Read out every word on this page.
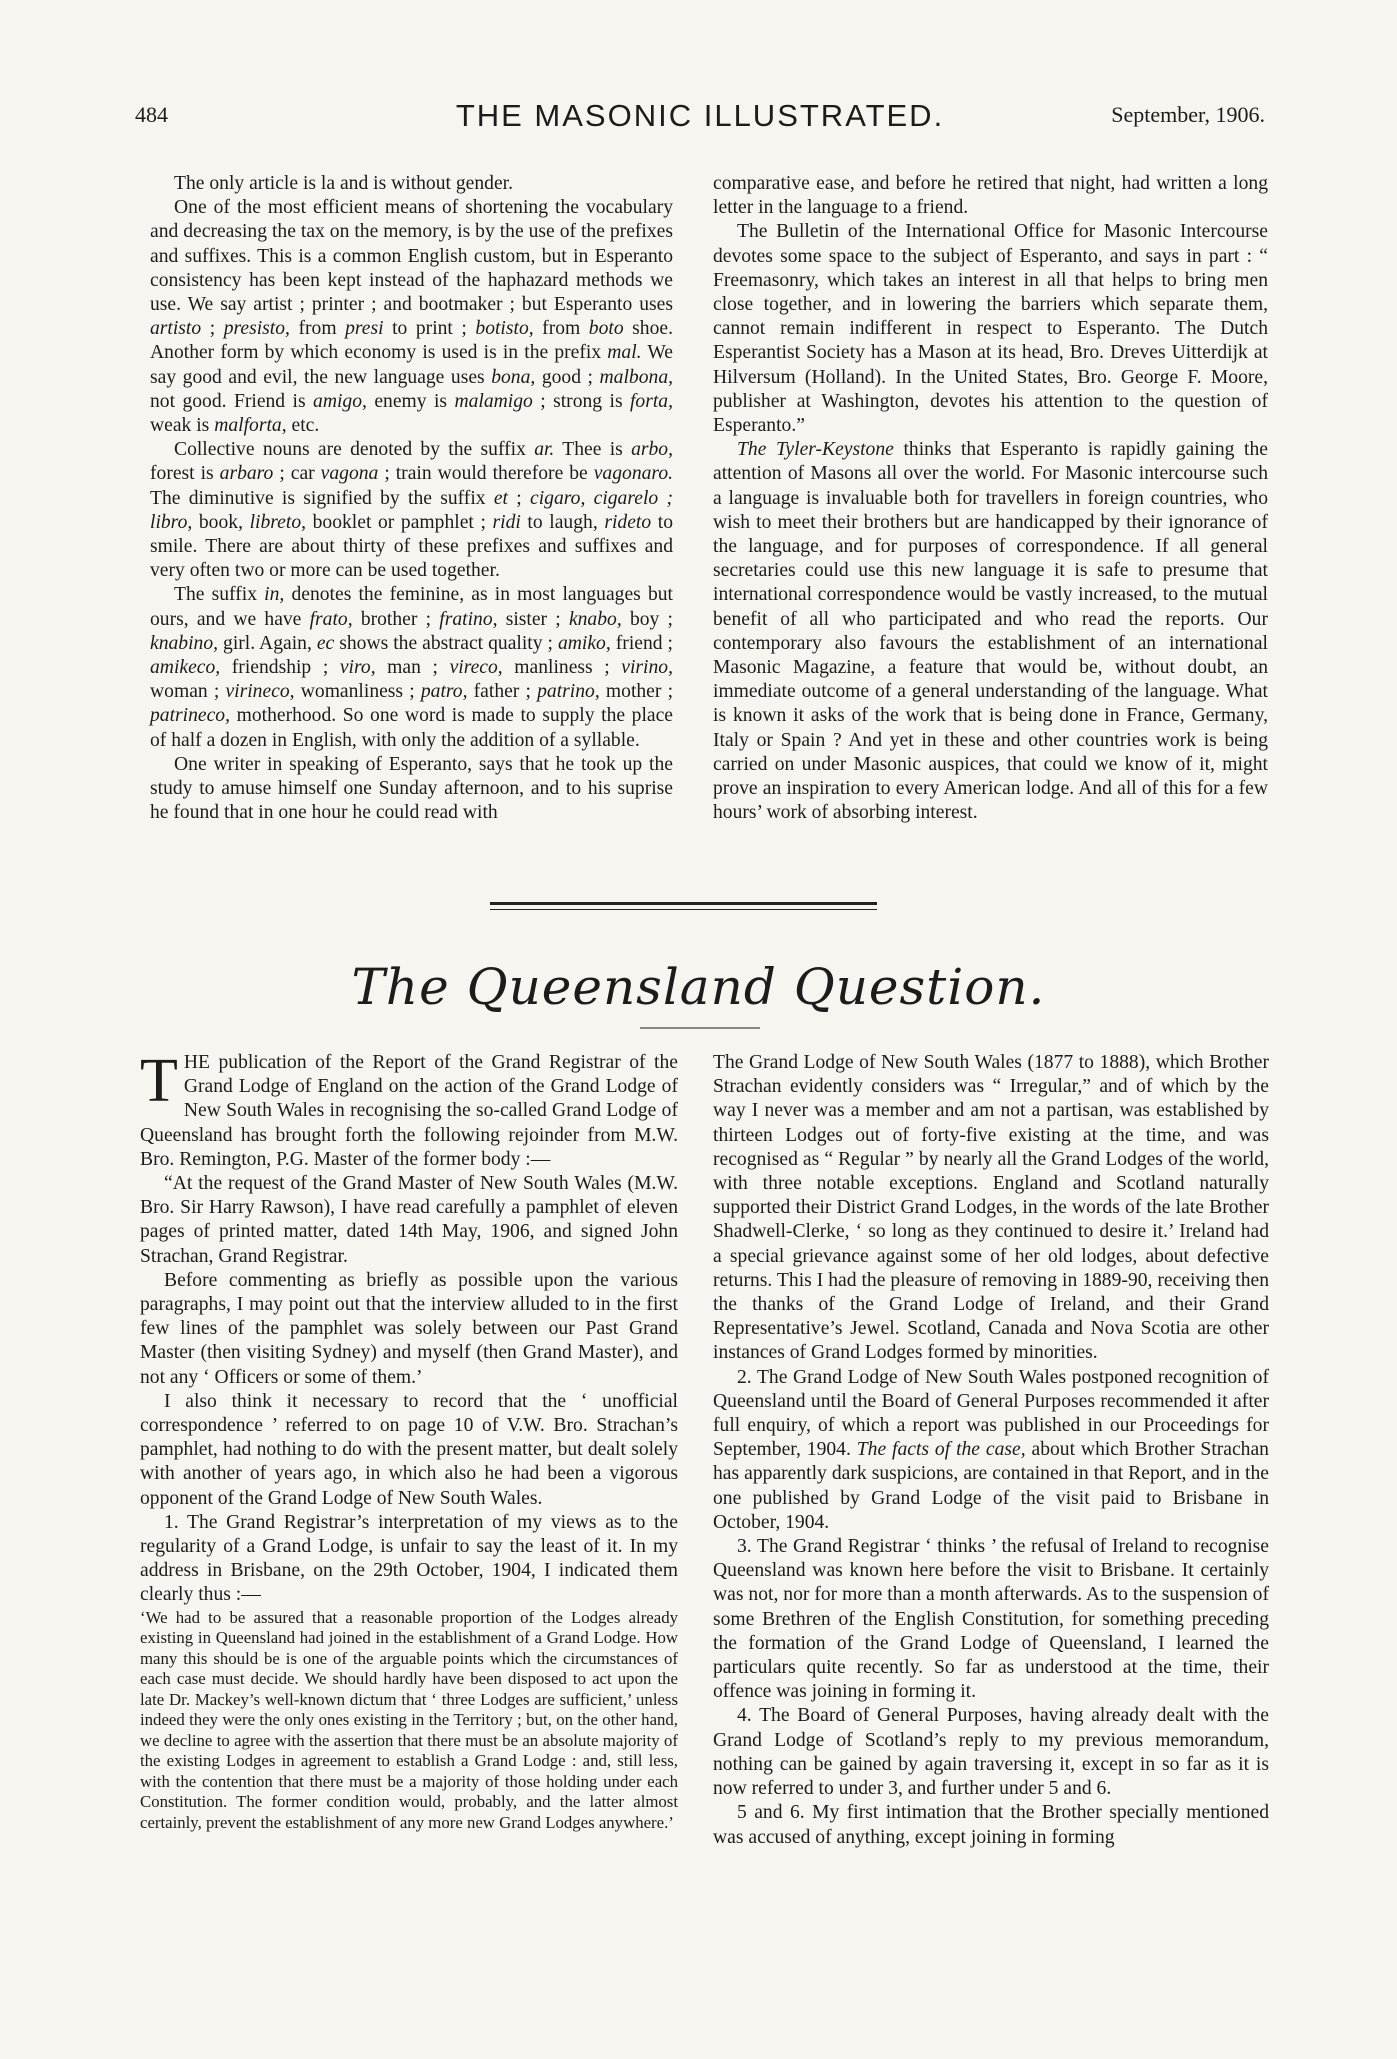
484	THE MASONIC ILLUSTRATED.	September, 1906.

The only article is la and is without gender.

One of the most efficient means of shortening the vocabulary and decreasing the tax on the memory, is by the use of the prefixes and suffixes. This is a common English custom, but in Esperanto consistency has been kept instead of the haphazard methods we use. We say artist ; printer ; and bootmaker ; but Esperanto uses artisto ; presisto, from presi to print ; botisto, from boto shoe. Another form by which economy is used is in the prefix mal. We say good and evil, the new language uses bona, good ; malbona, not good. Friend is amigo, enemy is malamigo ; strong is forta, weak is malforta, etc.

Collective nouns are denoted by the suffix ar. Thee is arbo, forest is arbaro ; car vagona ; train would therefore be vagonaro. The diminutive is signified by the suffix et ; cigaro, cigarelo ; libro, book, libreto, booklet or pamphlet ; ridi to laugh, rideto to smile. There are about thirty of these prefixes and suffixes and very often two or more can be used together.

The suffix in, denotes the feminine, as in most languages but ours, and we have frato, brother ; fratino, sister ; knabo, boy ; knabino, girl. Again, ec shows the abstract quality ; amiko, friend ; amikeco, friendship ; viro, man ; vireco, manliness ; virino, woman ; virineco, womanliness ; patro, father ; patrino, mother ; patrineco, motherhood. So one word is made to supply the place of half a dozen in English, with only the addition of a syllable.

One writer in speaking of Esperanto, says that he took up the study to amuse himself one Sunday afternoon, and to his suprise he found that in one hour he could read with

comparative ease, and before he retired that night, had written a long letter in the language to a friend.

The Bulletin of the International Office for Masonic Intercourse devotes some space to the subject of Esperanto, and says in part : “ Freemasonry, which takes an interest in all that helps to bring men close together, and in lowering the barriers which separate them, cannot remain indifferent in respect to Esperanto. The Dutch Esperantist Society has a Mason at its head, Bro. Dreves Uitterdijk at Hilversum (Holland). In the United States, Bro. George F. Moore, publisher at Washington, devotes his attention to the question of Esperanto.”

The Tyler-Keystone thinks that Esperanto is rapidly gaining the attention of Masons all over the world. For Masonic intercourse such a language is invaluable both for travellers in foreign countries, who wish to meet their brothers but are handicapped by their ignorance of the language, and for purposes of correspondence. If all general secretaries could use this new language it is safe to presume that international correspondence would be vastly increased, to the mutual benefit of all who participated and who read the reports. Our contemporary also favours the establishment of an international Masonic Magazine, a feature that would be, without doubt, an immediate outcome of a general understanding of the language. What is known it asks of the work that is being done in France, Germany, Italy or Spain ? And yet in these and other countries work is being carried on under Masonic auspices, that could we know of it, might prove an inspiration to every American lodge. And all of this for a few hours’ work of absorbing interest.

The Queensland Question.

THE publication of the Report of the Grand Registrar of the Grand Lodge of England on the action of the Grand Lodge of New South Wales in recognising the so-called Grand Lodge of Queensland has brought forth the following rejoinder from M.W. Bro. Remington, P.G. Master of the former body :—

“At the request of the Grand Master of New South Wales (M.W. Bro. Sir Harry Rawson), I have read carefully a pamphlet of eleven pages of printed matter, dated 14th May, 1906, and signed John Strachan, Grand Registrar.

Before commenting as briefly as possible upon the various paragraphs, I may point out that the interview alluded to in the first few lines of the pamphlet was solely between our Past Grand Master (then visiting Sydney) and myself (then Grand Master), and not any ‘ Officers or some of them.’

I also think it necessary to record that the ‘ unofficial correspondence ’ referred to on page 10 of V.W. Bro. Strachan’s pamphlet, had nothing to do with the present matter, but dealt solely with another of years ago, in which also he had been a vigorous opponent of the Grand Lodge of New South Wales.

1. The Grand Registrar’s interpretation of my views as to the regularity of a Grand Lodge, is unfair to say the least of it. In my address in Brisbane, on the 29th October, 1904, I indicated them clearly thus :—

‘We had to be assured that a reasonable proportion of the Lodges already existing in Queensland had joined in the establishment of a Grand Lodge. How many this should be is one of the arguable points which the circumstances of each case must decide. We should hardly have been disposed to act upon the late Dr. Mackey’s well-known dictum that ‘ three Lodges are sufficient,’ unless indeed they were the only ones existing in the Territory ; but, on the other hand, we decline to agree with the assertion that there must be an absolute majority of the existing Lodges in agreement to establish a Grand Lodge : and, still less, with the contention that there must be a majority of those holding under each Constitution. The former condition would, probably, and the latter almost certainly, prevent the establishment of any more new Grand Lodges anywhere.’

The Grand Lodge of New South Wales (1877 to 1888), which Brother Strachan evidently considers was “ Irregular,” and of which by the way I never was a member and am not a partisan, was established by thirteen Lodges out of forty-five existing at the time, and was recognised as “ Regular ” by nearly all the Grand Lodges of the world, with three notable exceptions. England and Scotland naturally supported their District Grand Lodges, in the words of the late Brother Shadwell-Clerke, ‘ so long as they continued to desire it.’ Ireland had a special grievance against some of her old lodges, about defective returns. This I had the pleasure of removing in 1889-90, receiving then the thanks of the Grand Lodge of Ireland, and their Grand Representative’s Jewel. Scotland, Canada and Nova Scotia are other instances of Grand Lodges formed by minorities.

2. The Grand Lodge of New South Wales postponed recognition of Queensland until the Board of General Purposes recommended it after full enquiry, of which a report was published in our Proceedings for September, 1904. The facts of the case, about which Brother Strachan has apparently dark suspicions, are contained in that Report, and in the one published by Grand Lodge of the visit paid to Brisbane in October, 1904.

3. The Grand Registrar ‘ thinks ’ the refusal of Ireland to recognise Queensland was known here before the visit to Brisbane. It certainly was not, nor for more than a month afterwards. As to the suspension of some Brethren of the English Constitution, for something preceding the formation of the Grand Lodge of Queensland, I learned the particulars quite recently. So far as understood at the time, their offence was joining in forming it.

4. The Board of General Purposes, having already dealt with the Grand Lodge of Scotland’s reply to my previous memorandum, nothing can be gained by again traversing it, except in so far as it is now referred to under 3, and further under 5 and 6.

5 and 6. My first intimation that the Brother specially mentioned was accused of anything, except joining in forming
